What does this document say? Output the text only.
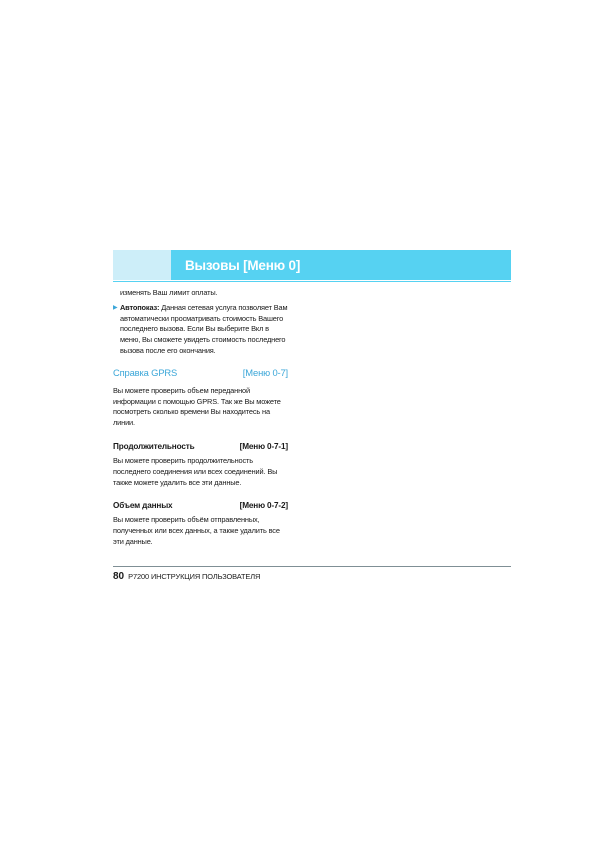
Вызовы [Меню 0]

изменять Ваш лимит оплаты.

▶ Автопоказ: Данная сетевая услуга позволяет Вам автоматически просматривать стоимость Вашего последнего вызова. Если Вы выберите Вкл в меню, Вы сможете увидеть стоимость последнего вызова после его окончания.
Справка GPRS	[Меню 0-7]

Вы можете проверить объем переданной информации с помощью GPRS. Так же Вы можете посмотреть сколько времени Вы находитесь на линии.

Продолжительность	[Меню 0-7-1]

Вы можете проверить продолжительность последнего соединения или всех соединений. Вы также можете удалить все эти данные.

Объем данных	[Меню 0-7-2]

Вы можете проверить объём отправленных, полученных или всех данных, а также удалить все эти данные.

80 P7200 ИНСТРУКЦИЯ ПОЛЬЗОВАТЕЛЯ
